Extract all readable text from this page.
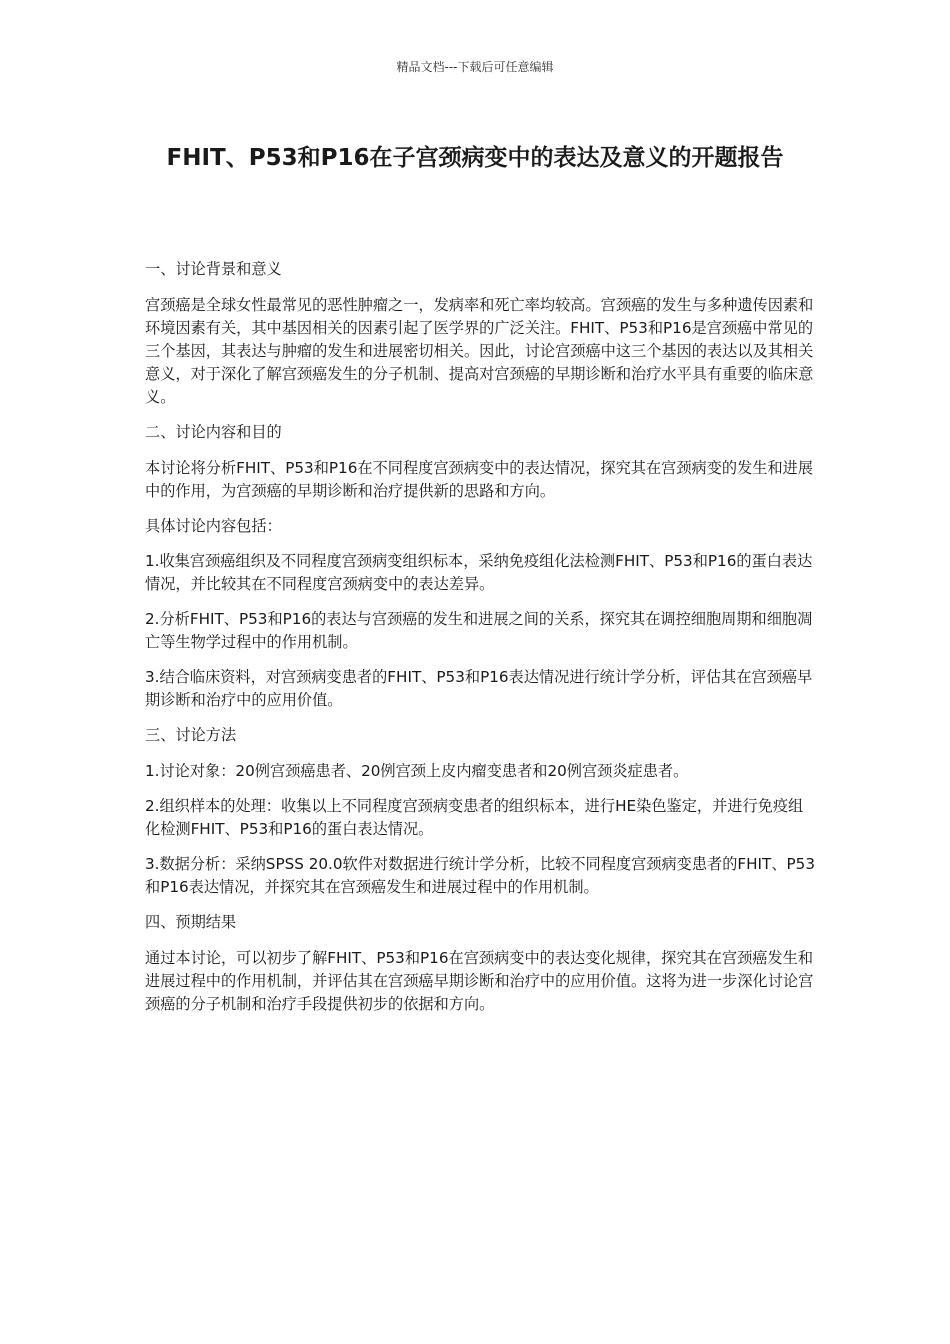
精品文档---下载后可任意编辑
FHIT、P53和P16在子宫颈病变中的表达及意义的开题报告

一、讨论背景和意义

宫颈癌是全球女性最常见的恶性肿瘤之一，发病率和死亡率均较高。宫颈癌的发生与多种遗传因素和环境因素有关，其中基因相关的因素引起了医学界的广泛关注。FHIT、P53和P16是宫颈癌中常见的三个基因，其表达与肿瘤的发生和进展密切相关。因此，讨论宫颈癌中这三个基因的表达以及其相关意义，对于深化了解宫颈癌发生的分子机制、提高对宫颈癌的早期诊断和治疗水平具有重要的临床意义。

二、讨论内容和目的

本讨论将分析FHIT、P53和P16在不同程度宫颈病变中的表达情况，探究其在宫颈病变的发生和进展中的作用，为宫颈癌的早期诊断和治疗提供新的思路和方向。

具体讨论内容包括：

1.收集宫颈癌组织及不同程度宫颈病变组织标本，采纳免疫组化法检测FHIT、P53和P16的蛋白表达情况，并比较其在不同程度宫颈病变中的表达差异。

2.分析FHIT、P53和P16的表达与宫颈癌的发生和进展之间的关系，探究其在调控细胞周期和细胞凋亡等生物学过程中的作用机制。

3.结合临床资料，对宫颈病变患者的FHIT、P53和P16表达情况进行统计学分析，评估其在宫颈癌早期诊断和治疗中的应用价值。

三、讨论方法

1.讨论对象：20例宫颈癌患者、20例宫颈上皮内瘤变患者和20例宫颈炎症患者。

2.组织样本的处理：收集以上不同程度宫颈病变患者的组织标本，进行HE染色鉴定，并进行免疫组化检测FHIT、P53和P16的蛋白表达情况。

3.数据分析：采纳SPSS 20.0软件对数据进行统计学分析，比较不同程度宫颈病变患者的FHIT、P53和P16表达情况，并探究其在宫颈癌发生和进展过程中的作用机制。

四、预期结果

通过本讨论，可以初步了解FHIT、P53和P16在宫颈病变中的表达变化规律，探究其在宫颈癌发生和进展过程中的作用机制，并评估其在宫颈癌早期诊断和治疗中的应用价值。这将为进一步深化讨论宫颈癌的分子机制和治疗手段提供初步的依据和方向。
